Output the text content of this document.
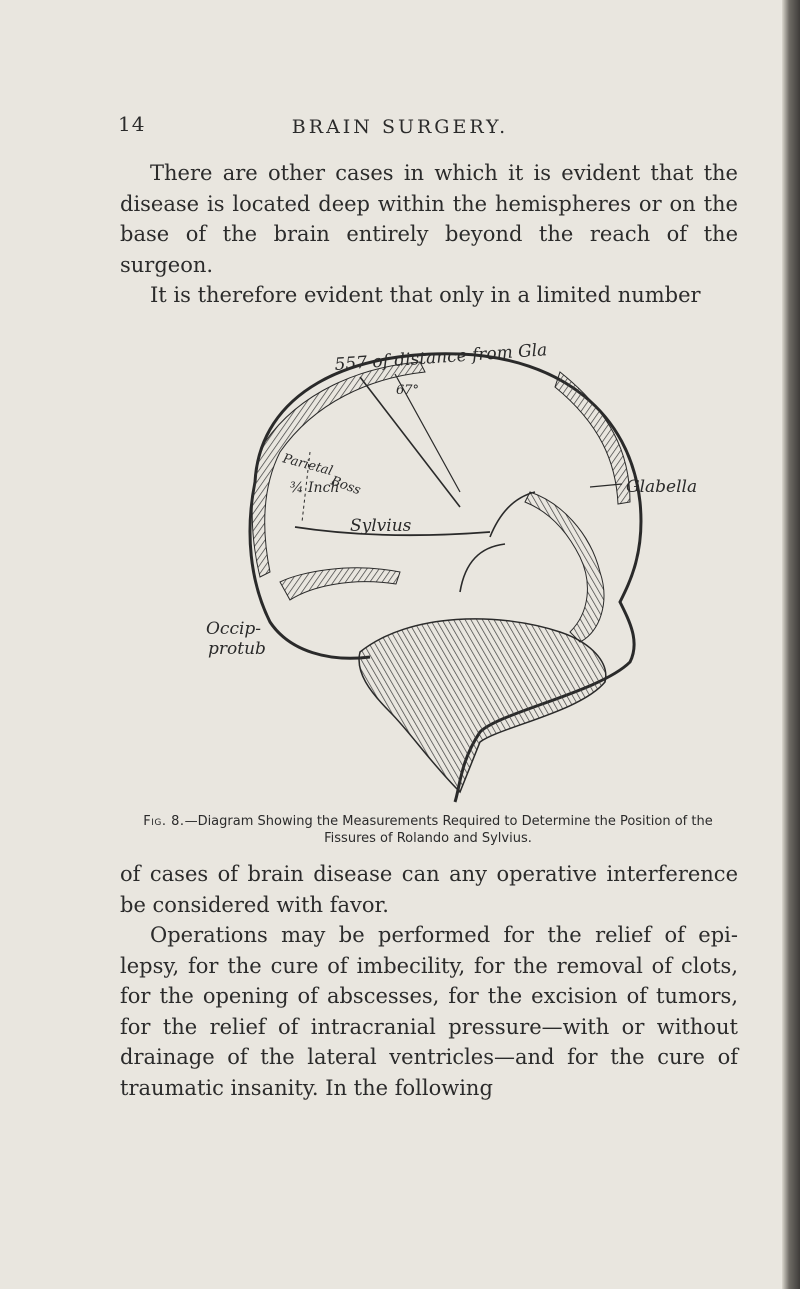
14	BRAIN SURGERY.

There are other cases in which it is evident that the disease is located deep within the hemispheres or on the base of the brain entirely beyond the reach of the surgeon.

It is therefore evident that only in a limited number

557 of distance from Gla
67°
Parietal
Boss
¾ Inch
Sylvius
Glabella
Occip-
protub
Fig. 8.—Diagram Showing the Measurements Required to Determine the Position of the Fissures of Rolando and Sylvius.

of cases of brain disease can any operative interference be considered with favor.

Operations may be performed for the relief of epi-lepsy, for the cure of imbecility, for the removal of clots, for the opening of abscesses, for the excision of tumors, for the relief of intracranial pressure—with or without drainage of the lateral ventricles—and for the cure of traumatic insanity. In the following
